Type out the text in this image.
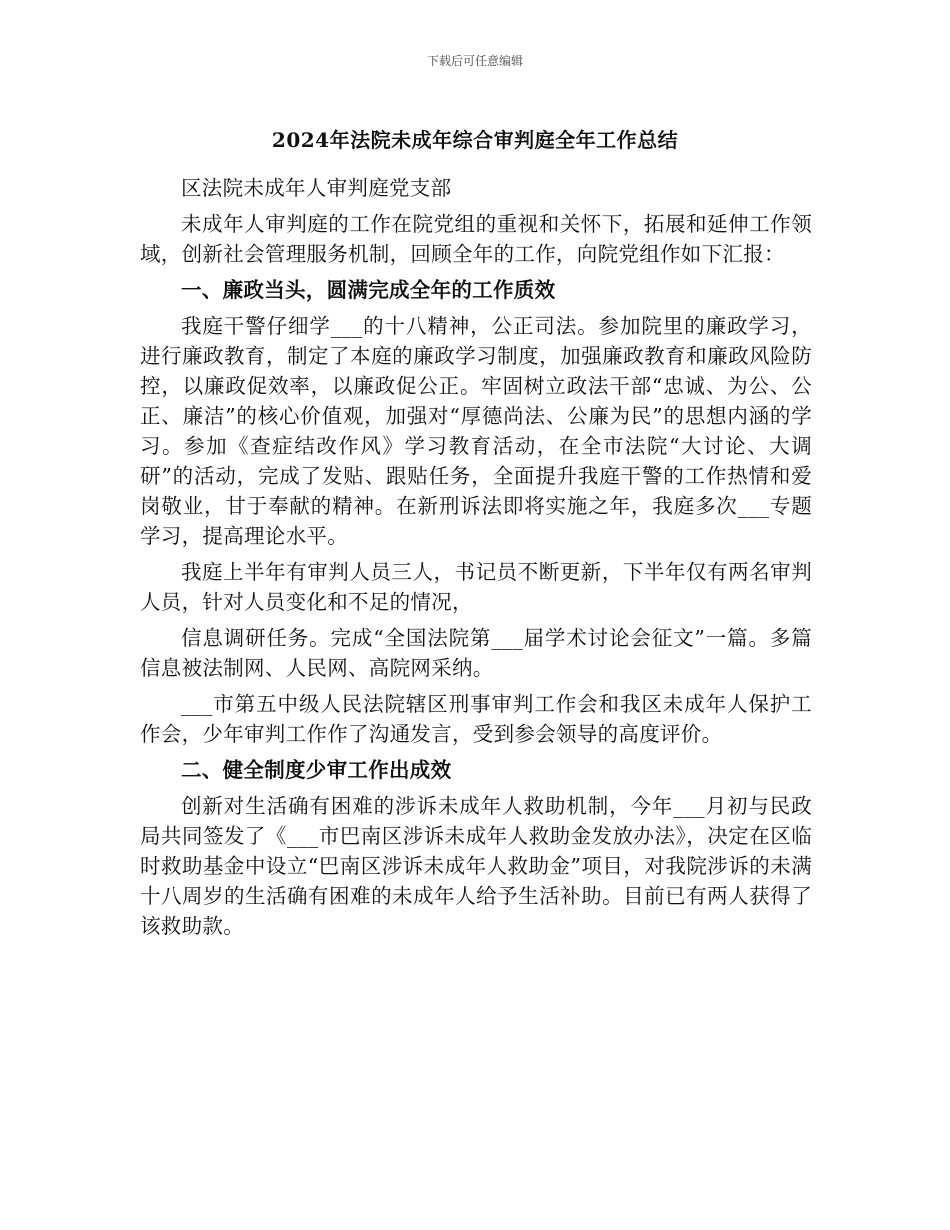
下载后可任意编辑
2024年法院未成年综合审判庭全年工作总结

区法院未成年人审判庭党支部

未成年人审判庭的工作在院党组的重视和关怀下，拓展和延伸工作领域，创新社会管理服务机制，回顾全年的工作，向院党组作如下汇报：

一、廉政当头，圆满完成全年的工作质效

我庭干警仔细学___的十八精神，公正司法。参加院里的廉政学习，进行廉政教育，制定了本庭的廉政学习制度，加强廉政教育和廉政风险防控，以廉政促效率，以廉政促公正。牢固树立政法干部“忠诚、为公、公正、廉洁”的核心价值观，加强对“厚德尚法、公廉为民”的思想内涵的学习。参加《查症结改作风》学习教育活动，在全市法院“大讨论、大调研”的活动，完成了发贴、跟贴任务，全面提升我庭干警的工作热情和爱岗敬业，甘于奉献的精神。在新刑诉法即将实施之年，我庭多次___专题学习，提高理论水平。

我庭上半年有审判人员三人，书记员不断更新，下半年仅有两名审判人员，针对人员变化和不足的情况，

信息调研任务。完成“全国法院第___届学术讨论会征文”一篇。多篇信息被法制网、人民网、高院网采纳。

___市第五中级人民法院辖区刑事审判工作会和我区未成年人保护工作会，少年审判工作作了沟通发言，受到参会领导的高度评价。

二、健全制度少审工作出成效

创新对生活确有困难的涉诉未成年人救助机制，今年___月初与民政局共同签发了《___市巴南区涉诉未成年人救助金发放办法》，决定在区临时救助基金中设立“巴南区涉诉未成年人救助金”项目，对我院涉诉的未满十八周岁的生活确有困难的未成年人给予生活补助。目前已有两人获得了该救助款。
